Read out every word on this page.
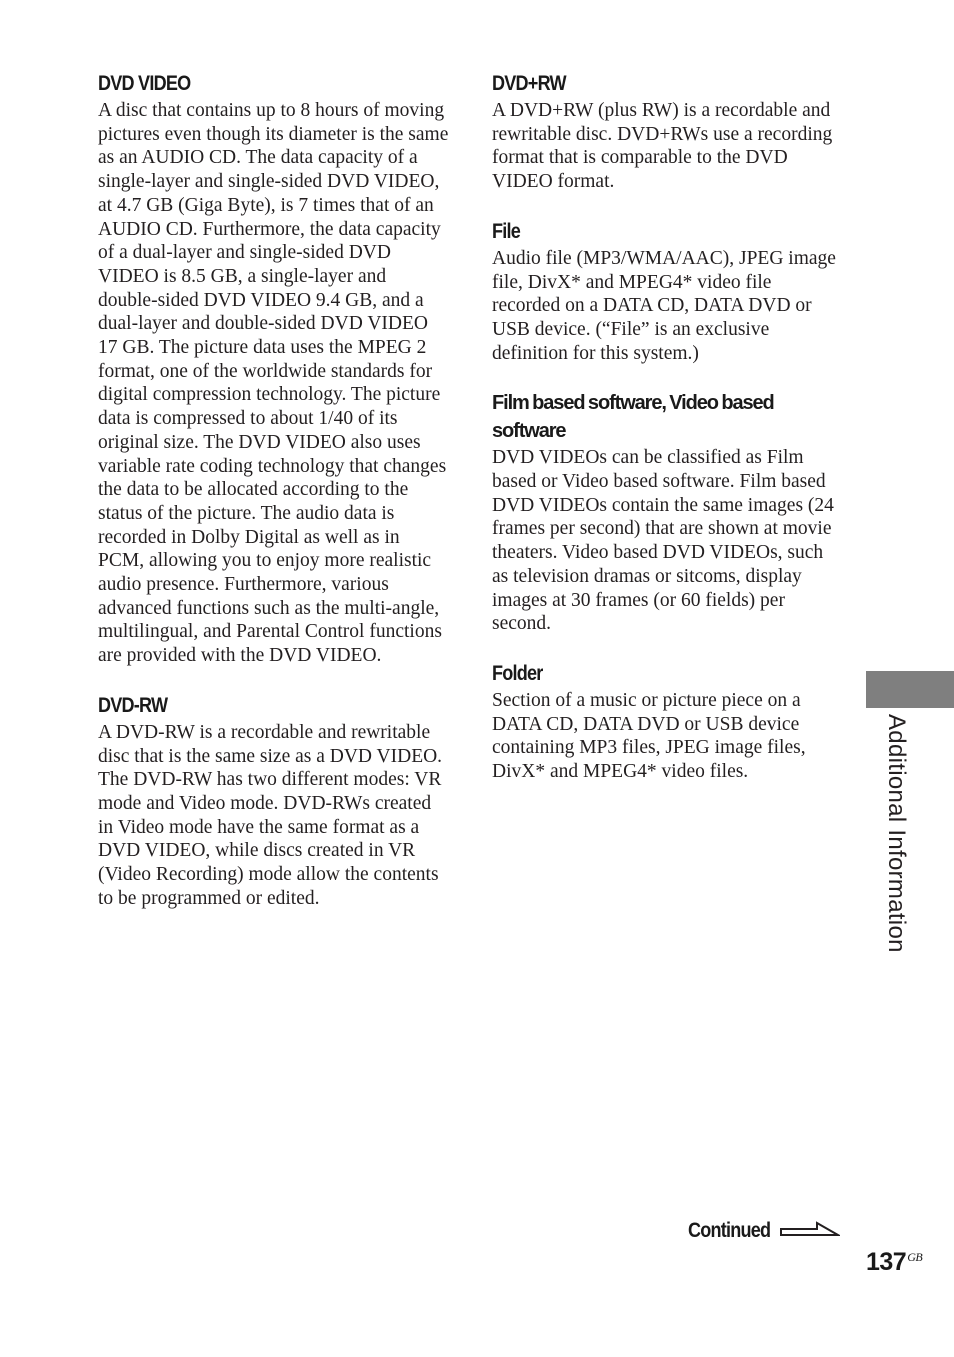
DVD VIDEO

A disc that contains up to 8 hours of moving pictures even though its diameter is the same as an AUDIO CD. The data capacity of a single-layer and single-sided DVD VIDEO, at 4.7 GB (Giga Byte), is 7 times that of an AUDIO CD. Furthermore, the data capacity of a dual-layer and single-sided DVD VIDEO is 8.5 GB, a single-layer and double-sided DVD VIDEO 9.4 GB, and a dual-layer and double-sided DVD VIDEO 17 GB. The picture data uses the MPEG 2 format, one of the worldwide standards for digital compression technology. The picture data is compressed to about 1/40 of its original size. The DVD VIDEO also uses variable rate coding technology that changes the data to be allocated according to the status of the picture. The audio data is recorded in Dolby Digital as well as in PCM, allowing you to enjoy more realistic audio presence. Furthermore, various advanced functions such as the multi-angle, multilingual, and Parental Control functions are provided with the DVD VIDEO.

DVD-RW

A DVD-RW is a recordable and rewritable disc that is the same size as a DVD VIDEO. The DVD-RW has two different modes: VR mode and Video mode. DVD-RWs created in Video mode have the same format as a DVD VIDEO, while discs created in VR (Video Recording) mode allow the contents to be programmed or edited.

DVD+RW

A DVD+RW (plus RW) is a recordable and rewritable disc. DVD+RWs use a recording format that is comparable to the DVD VIDEO format.

File

Audio file (MP3/WMA/AAC), JPEG image file, DivX* and MPEG4* video file recorded on a DATA CD, DATA DVD or USB device. (“File” is an exclusive definition for this system.)

Film based software, Video based software

DVD VIDEOs can be classified as Film based or Video based software. Film based DVD VIDEOs contain the same images (24 frames per second) that are shown at movie theaters. Video based DVD VIDEOs, such as television dramas or sitcoms, display images at 30 frames (or 60 fields) per second.

Folder

Section of a music or picture piece on a DATA CD, DATA DVD or USB device containing MP3 files, JPEG image files, DivX* and MPEG4* video files.	Additional Information
Continued
$137^{GB}$
